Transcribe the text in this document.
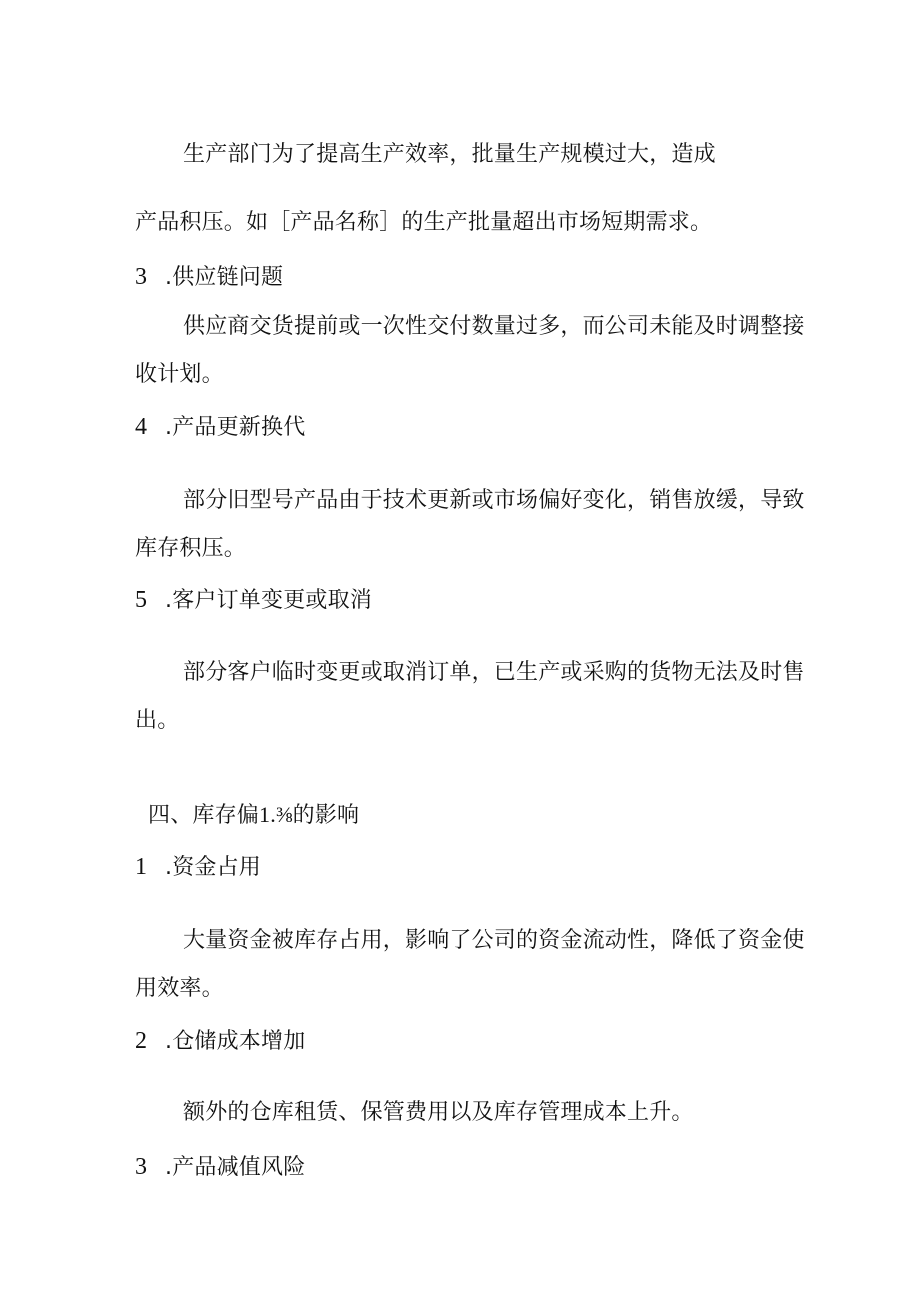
生产部门为了提高生产效率，批量生产规模过大，造成
产品积压。如［产品名称］的生产批量超出市场短期需求。
3 .供应链问题
供应商交货提前或一次性交付数量过多，而公司未能及时调整接
收计划。
4 .产品更新换代
部分旧型号产品由于技术更新或市场偏好变化，销售放缓，导致
库存积压。
5 .客户订单变更或取消
部分客户临时变更或取消订单，已生产或采购的货物无法及时售
出。
四、库存偏1.⅜的影响
1 .资金占用
大量资金被库存占用，影响了公司的资金流动性，降低了资金使
用效率。
2 .仓储成本增加
额外的仓库租赁、保管费用以及库存管理成本上升。
3 .产品减值风险
